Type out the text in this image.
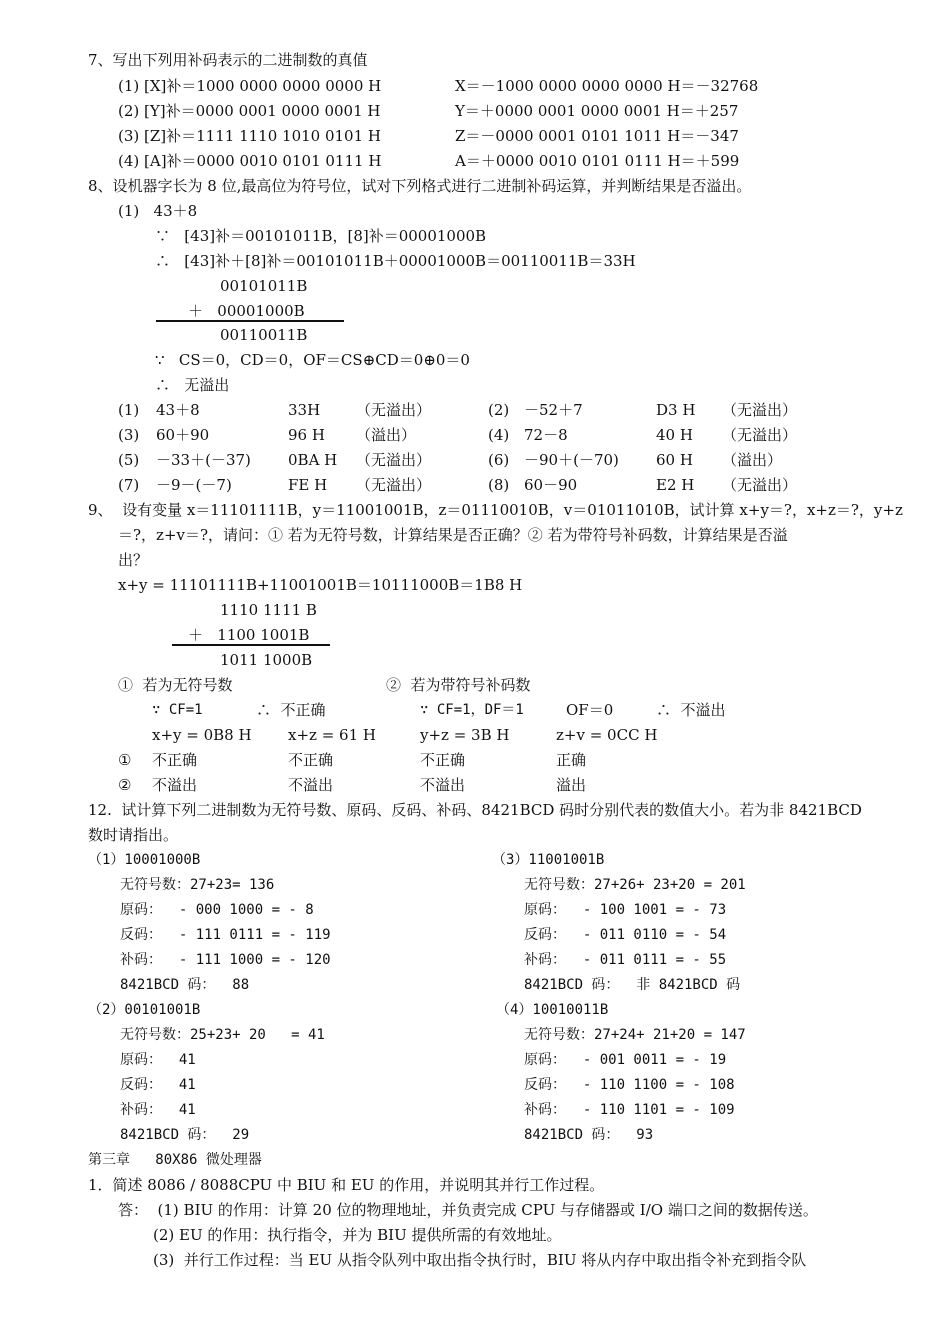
7、写出下列用补码表示的二进制数的真值
(1) [X]补＝1000 0000 0000 0000 H	X＝－1000 0000 0000 0000 H＝－32768
(2) [Y]补＝0000 0001 0000 0001 H	Y＝＋0000 0001 0000 0001 H＝＋257
(3) [Z]补＝1111 1110 1010 0101 H	Z＝－0000 0001 0101 1011 H＝－347
(4) [A]补＝0000 0010 0101 0111 H	A＝＋0000 0010 0101 0111 H＝＋599
8、设机器字长为 8 位,最高位为符号位，试对下列格式进行二进制补码运算，并判断结果是否溢出。
(1)   43＋8
∵   [43]补＝00101011B，[8]补＝00001000B
∴   [43]补＋[8]补＝00101011B＋00001000B＝00110011B＝33H
00101011B
＋   00001000B
00110011B
∵   CS＝0，CD＝0，OF＝CS⊕CD＝0⊕0＝0
∴   无溢出
(1) 43＋8	33H （无溢出）	(2) －52＋7	D3 H （无溢出）
(3) 60＋90	96 H （溢出）	(4) 72－8	40 H （无溢出）
(5) －33＋(－37) 0BA H （无溢出）	(6) －90＋(－70) 60 H （溢出）
(7) －9－(－7)	FE H （无溢出）	(8) 60－90	E2 H （无溢出）
9、  设有变量 x＝11101111B，y＝11001001B，z＝01110010B，v＝01011010B，试计算 x+y＝?，x+z＝?，y+z
＝?，z+v＝?，请问：① 若为无符号数，计算结果是否正确？② 若为带符号补码数，计算结果是否溢
出？
x+y = 11101111B+11001001B＝10111000B＝1B8 H
1110 1111 B
＋   1100 1001B
1011 1000B
①  若为无符号数	②  若为带符号补码数
∵ CF=1	∴  不正确	∵ CF=1，DF＝1	OF＝0	∴  不溢出
x+y = 0B8 H x+z = 61 H	y+z = 3B H	z+v = 0CC H
① 不正确	不正确	不正确	正确
② 不溢出	不溢出	不溢出	溢出
12.  试计算下列二进制数为无符号数、原码、反码、补码、8421BCD 码时分别代表的数值大小。若为非 8421BCD
数时请指出。
（1）10001000B
无符号数：27+23= 136
原码：  - 000 1000 = - 8
反码：  - 111 0111 = - 119
补码：  - 111 1000 = - 120
8421BCD 码：  88
（3）11001001B
无符号数：27+26+ 23+20 = 201
原码：  - 100 1001 = - 73
反码：  - 011 0110 = - 54
补码：  - 011 0111 = - 55
8421BCD 码：  非 8421BCD 码
（2）00101001B
无符号数：25+23+ 20   = 41
原码：  41
反码：  41
补码：  41
8421BCD 码：  29
（4）10010011B
无符号数：27+24+ 21+20 = 147
原码：  - 001 0011 = - 19
反码：  - 110 1100 = - 108
补码：  - 110 1101 = - 109
8421BCD 码：  93
第三章   80X86 微处理器
1．简述 8086 / 8088CPU 中 BIU 和 EU 的作用，并说明其并行工作过程。
答：  (1) BIU 的作用：计算 20 位的物理地址，并负责完成 CPU 与存储器或 I/O 端口之间的数据传送。
(2) EU 的作用：执行指令，并为 BIU 提供所需的有效地址。
(3)  并行工作过程：当 EU 从指令队列中取出指令执行时，BIU 将从内存中取出指令补充到指令队
